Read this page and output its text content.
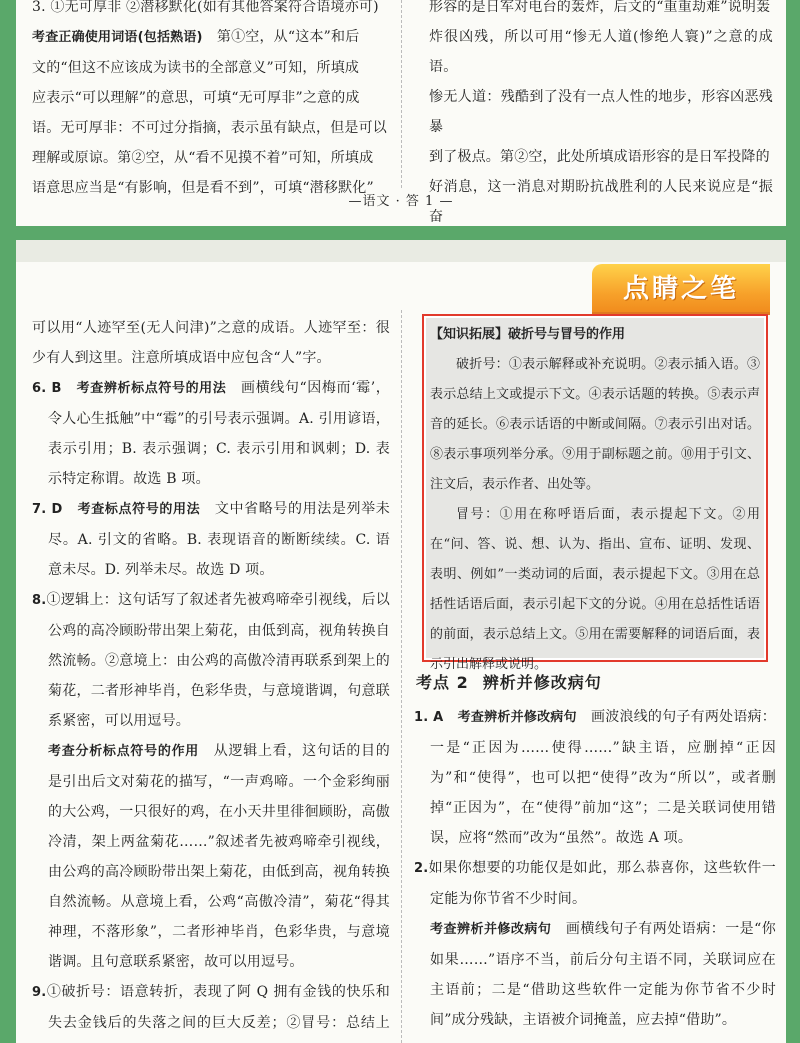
3. ①无可厚非 ②潜移默化(如有其他答案符合语境亦可)

考查正确使用词语(包括熟语)　第①空，从“这本”和后

文的“但这不应该成为读书的全部意义”可知，所填成

应表示“可以理解”的意思，可填“无可厚非”之意的成

语。无可厚非：不可过分指摘，表示虽有缺点，但是可以

理解或原谅。第②空，从“看不见摸不着”可知，所填成

语意思应当是“有影响，但是看不到”，可填“潜移默化”

形容的是日军对电台的轰炸，后文的“重重劫难”说明轰

炸很凶残，所以可用“惨无人道(惨绝人寰)”之意的成语。

惨无人道：残酷到了没有一点人性的地步，形容凶恶残暴

到了极点。第②空，此处所填成语形容的是日军投降的

好消息，这一消息对期盼抗战胜利的人民来说应是“振奋

—语文 · 答 1 —
点睛之笔

可以用“人迹罕至(无人问津)”之意的成语。人迹罕至：很少有人到这里。注意所填成语中应包含“人”字。

6. B　 考查辨析标点符号的用法　画横线句“因梅而‘霉’，令人心生抵触”中“霉”的引号表示强调。A. 引用谚语，表示引用；B. 表示强调；C. 表示引用和讽刺；D. 表示特定称谓。故选 B 项。

7. D　 考查标点符号的用法　文中省略号的用法是列举未尽。A. 引文的省略。B. 表现语音的断断续续。C. 语意未尽。D. 列举未尽。故选 D 项。

8.①逻辑上：这句话写了叙述者先被鸡啼牵引视线，后以公鸡的高冷顾盼带出架上菊花，由低到高，视角转换自然流畅。②意境上：由公鸡的高傲冷清再联系到架上的菊花，二者形神毕肖，色彩华贵，与意境谐调，句意联系紧密，可以用逗号。

考查分析标点符号的作用　从逻辑上看，这句话的目的是引出后文对菊花的描写，“一声鸡啼。一个金彩绚丽的大公鸡，一只很好的鸡，在小天井里徘徊顾盼，高傲冷清，架上两盆菊花……”叙述者先被鸡啼牵引视线，由公鸡的高冷顾盼带出架上菊花，由低到高，视角转换自然流畅。从意境上看，公鸡“高傲冷清”，菊花“得其神理，不落形象”，二者形神毕肖，色彩华贵，与意境谐调。且句意联系紧密，故可以用逗号。

9.①破折号：语意转折，表现了阿 Q 拥有金钱的快乐和失去金钱后的失落之间的巨大反差；②冒号：总结上

【知识拓展】破折号与冒号的作用

破折号：①表示解释或补充说明。②表示插入语。③表示总结上文或提示下文。④表示话题的转换。⑤表示声音的延长。⑥表示话语的中断或间隔。⑦表示引出对话。⑧表示事项列举分承。⑨用于副标题之前。⑩用于引文、注文后，表示作者、出处等。

冒号：①用在称呼语后面，表示提起下文。②用在“问、答、说、想、认为、指出、宣布、证明、发现、表明、例如”一类动词的后面，表示提起下文。③用在总括性话语后面，表示引起下文的分说。④用在总括性话语的前面，表示总结上文。⑤用在需要解释的词语后面，表示引出解释或说明。

考点 2 辨析并修改病句

1. A　 考查辨析并修改病句　画波浪线的句子有两处语病：一是“正因为……使得……”缺主语，应删掉“正因为”和“使得”，也可以把“使得”改为“所以”，或者删掉“正因为”，在“使得”前加“这”；二是关联词使用错误，应将“然而”改为“虽然”。故选 A 项。

2.如果你想要的功能仅是如此，那么恭喜你，这些软件一定能为你节省不少时间。

考查辨析并修改病句　画横线句子有两处语病：一是“你如果……”语序不当，前后分句主语不同，关联词应在主语前；二是“借助这些软件一定能为你节省不少时间”成分残缺，主语被介词掩盖，应去掉“借助”。
